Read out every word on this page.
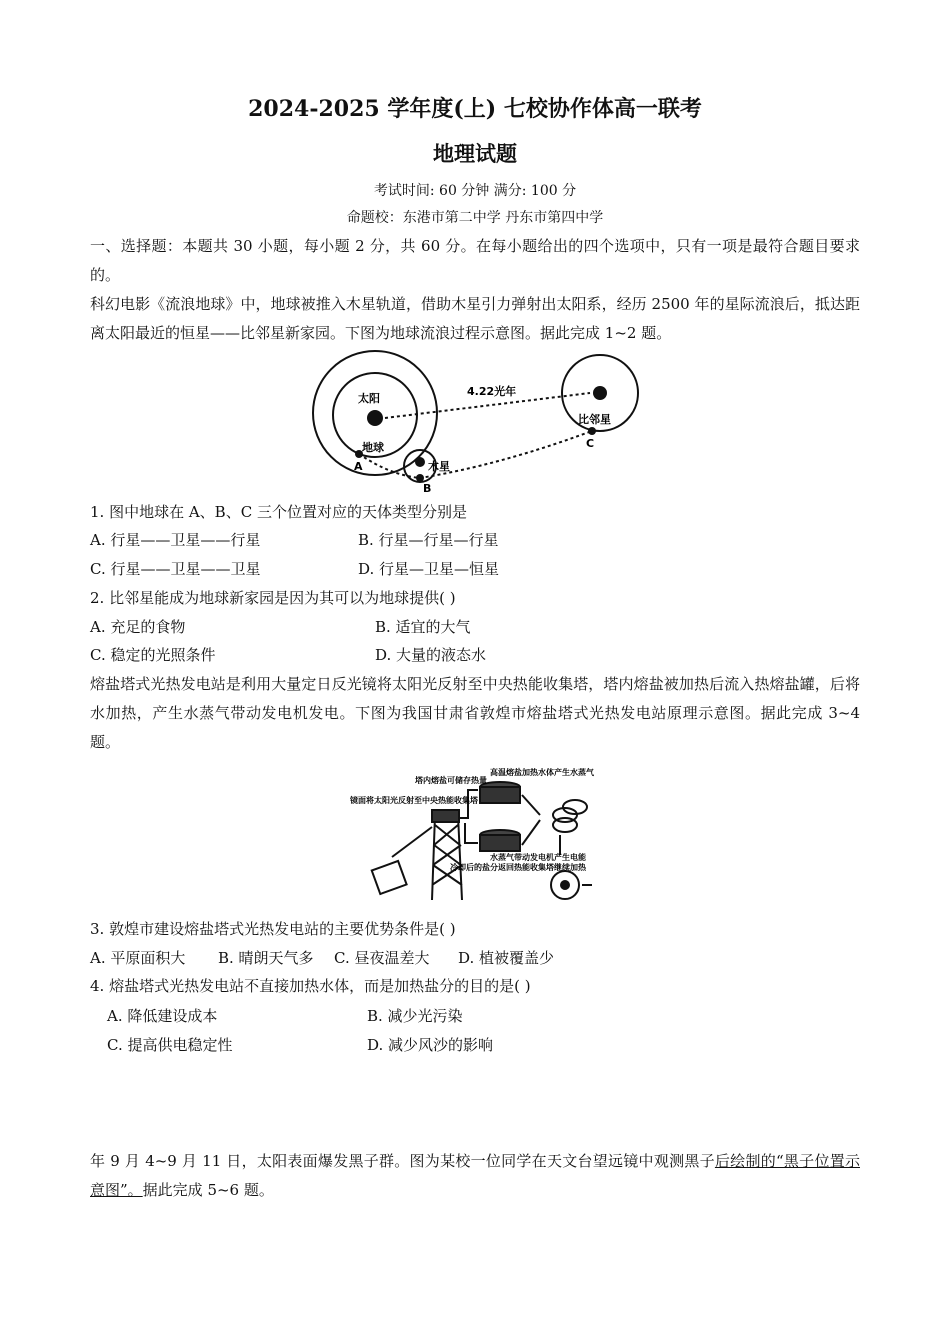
2024-2025 学年度(上) 七校协作体高一联考
地理试题
考试时间: 60 分钟 满分: 100 分
命题校：东港市第二中学 丹东市第四中学
一、选择题：本题共 30 小题，每小题 2 分，共 60 分。在每小题给出的四个选项中，只有一项是最符合题目要求的。
科幻电影《流浪地球》中，地球被推入木星轨道，借助木星引力弹射出太阳系，经历 2500 年的星际流浪后，抵达距离太阳最近的恒星——比邻星新家园。下图为地球流浪过程示意图。据此完成 1~2 题。
太阳
地球
木星
比邻星
4.22光年
A
B
C
1. 图中地球在 A、B、C 三个位置对应的天体类型分别是
A. 行星——卫星——行星	B. 行星—行星—行星
C. 行星——卫星——卫星	D. 行星—卫星—恒星
2. 比邻星能成为地球新家园是因为其可以为地球提供( )
A. 充足的食物	B. 适宜的大气
C. 稳定的光照条件	D. 大量的液态水
熔盐塔式光热发电站是利用大量定日反光镜将太阳光反射至中央热能收集塔，塔内熔盐被加热后流入热熔盐罐，后将水加热，产生水蒸气带动发电机发电。下图为我国甘肃省敦煌市熔盐塔式光热发电站原理示意图。据此完成 3~4 题。
镜面将太阳光反射至中央热能收集塔
塔内熔盐可储存热量
高温熔盐加热水体产生水蒸气
水蒸气带动发电机产生电能
冷却后的盐分返回热能收集塔继续加热
3. 敦煌市建设熔盐塔式光热发电站的主要优势条件是( )
A. 平原面积大 B. 晴朗天气多 C. 昼夜温差大 D. 植被覆盖少
4. 熔盐塔式光热发电站不直接加热水体，而是加热盐分的目的是( )
A. 降低建设成本	B. 减少光污染
C. 提高供电稳定性	D. 减少风沙的影响
年 9 月 4~9 月 11 日，太阳表面爆发黑子群。图为某校一位同学在天文台望远镜中观测黑子后绘制的“黑子位置示意图”。据此完成 5~6 题。
